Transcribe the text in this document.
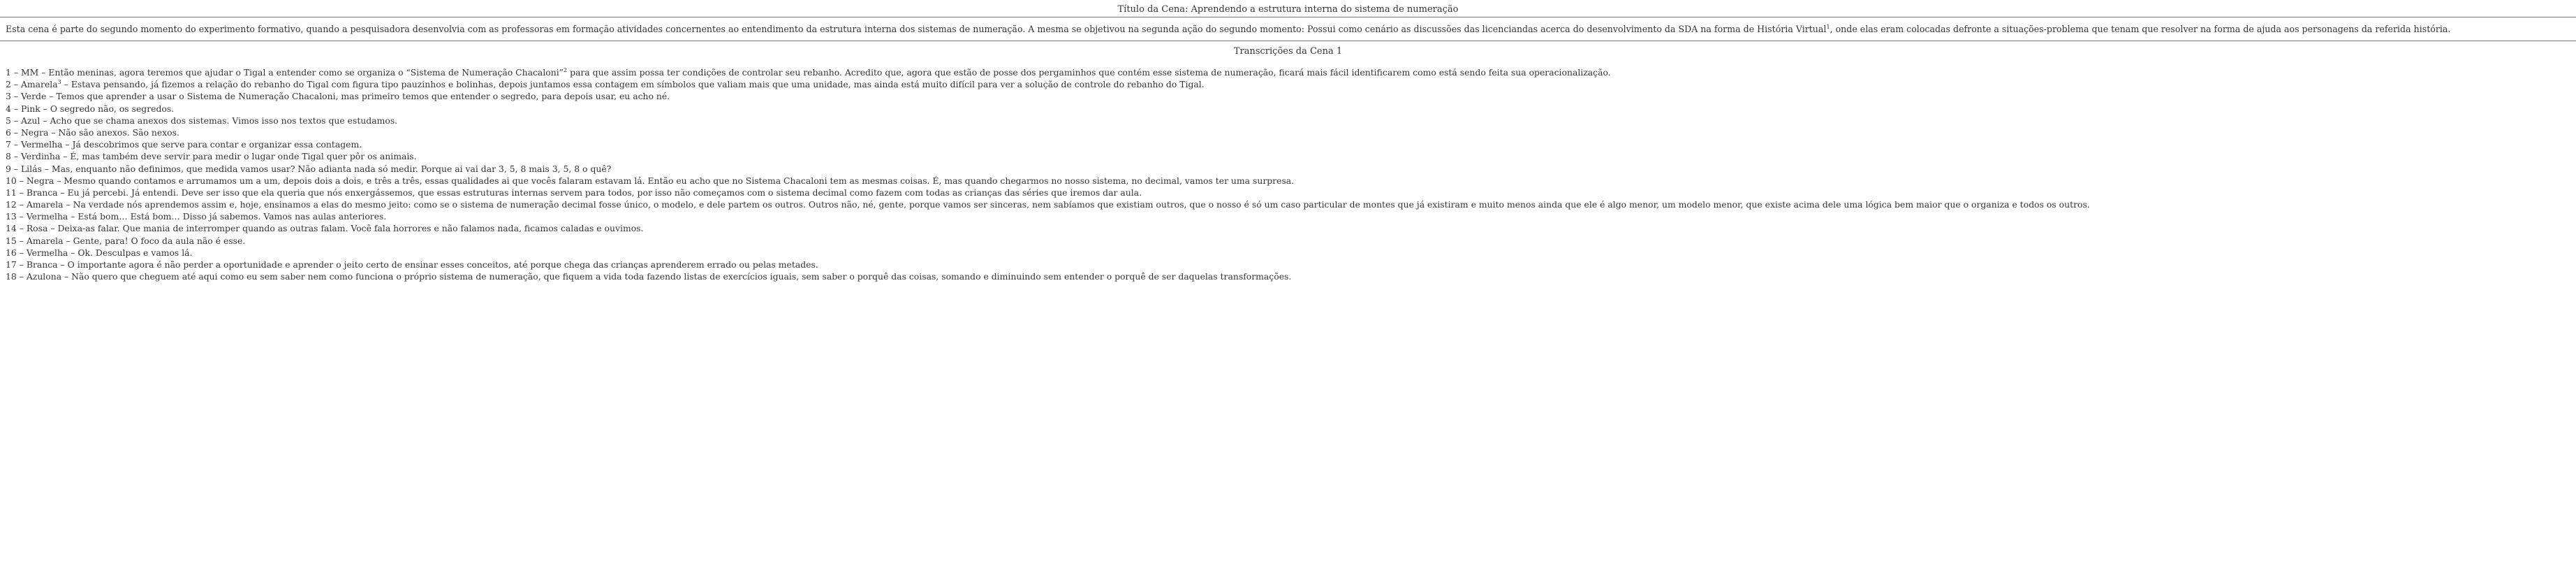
Título da Cena: Aprendendo a estrutura interna do sistema de numeração
Esta cena é parte do segundo momento do experimento formativo, quando a pesquisadora desenvolvia com as professoras em formação atividades concernentes ao entendimento da estrutura interna dos sistemas de numeração. A mesma se objetivou na segunda ação do segundo momento: Possui como cenário as discussões das licenciandas acerca do desenvolvimento da SDA na forma de História Virtual$^1$, onde elas eram colocadas defronte a situações-problema que tenam que resolver na forma de ajuda aos personagens da referida história.
Transcrições da Cena 1
1 – MM – Então meninas, agora teremos que ajudar o Tigal a entender como se organiza o “Sistema de Numeração Chacaloni”$^2$ para que assim possa ter condições de controlar seu rebanho. Acredito que, agora que estão de posse dos pergaminhos que contém esse sistema de numeração, ficará mais fácil identificarem como está sendo feita sua operacionalização.
2 – Amarela$^3$ – Estava pensando, já fizemos a relação do rebanho do Tigal com figura tipo pauzinhos e bolinhas, depois juntamos essa contagem em símbolos que valiam mais que uma unidade, mas ainda está muito difícil para ver a solução de controle do rebanho do Tigal.
3 – Verde – Temos que aprender a usar o Sistema de Numeração Chacaloni, mas primeiro temos que entender o segredo, para depois usar, eu acho né.
4 – Pink – O segredo não, os segredos.
5 – Azul – Acho que se chama anexos dos sistemas. Vimos isso nos textos que estudamos.
6 – Negra – Não são anexos. São nexos.
7 – Vermelha – Já descobrimos que serve para contar e organizar essa contagem.
8 – Verdinha – É, mas também deve servir para medir o lugar onde Tigal quer pôr os animais.
9 – Lilás – Mas, enquanto não definimos, que medida vamos usar? Não adianta nada só medir. Porque ai vai dar 3, 5, 8 mais 3, 5, 8 o quê?
10 – Negra – Mesmo quando contamos e arrumamos um a um, depois dois a dois, e três a três, essas qualidades ai que vocês falaram estavam lá. Então eu acho que no Sistema Chacaloni tem as mesmas coisas. É, mas quando chegarmos no nosso sistema, no decimal, vamos ter uma surpresa.
11 – Branca – Eu já percebi. Já entendi. Deve ser isso que ela queria que nós enxergássemos, que essas estruturas internas servem para todos, por isso não começamos com o sistema decimal como fazem com todas as crianças das séries que iremos dar aula.
12 – Amarela – Na verdade nós aprendemos assim e, hoje, ensinamos a elas do mesmo jeito: como se o sistema de numeração decimal fosse único, o modelo, e dele partem os outros. Outros não, né, gente, porque vamos ser sinceras, nem sabíamos que existiam outros, que o nosso é só um caso particular de montes que já existiram e muito menos ainda que ele é algo menor, um modelo menor, que existe acima dele uma lógica bem maior que o organiza e todos os outros.
13 – Vermelha – Está bom… Está bom… Disso já sabemos. Vamos nas aulas anteriores.
14 – Rosa – Deixa-as falar. Que mania de interromper quando as outras falam. Você fala horrores e não falamos nada, ficamos caladas e ouvimos.
15 – Amarela – Gente, para! O foco da aula não é esse.
16 – Vermelha – Ok. Desculpas e vamos lá.
17 – Branca – O importante agora é não perder a oportunidade e aprender o jeito certo de ensinar esses conceitos, até porque chega das crianças aprenderem errado ou pelas metades.
18 – Azulona – Não quero que cheguem até aqui como eu sem saber nem como funciona o próprio sistema de numeração, que fiquem a vida toda fazendo listas de exercícios iguais, sem saber o porquê das coisas, somando e diminuindo sem entender o porquê de ser daquelas transformações.
